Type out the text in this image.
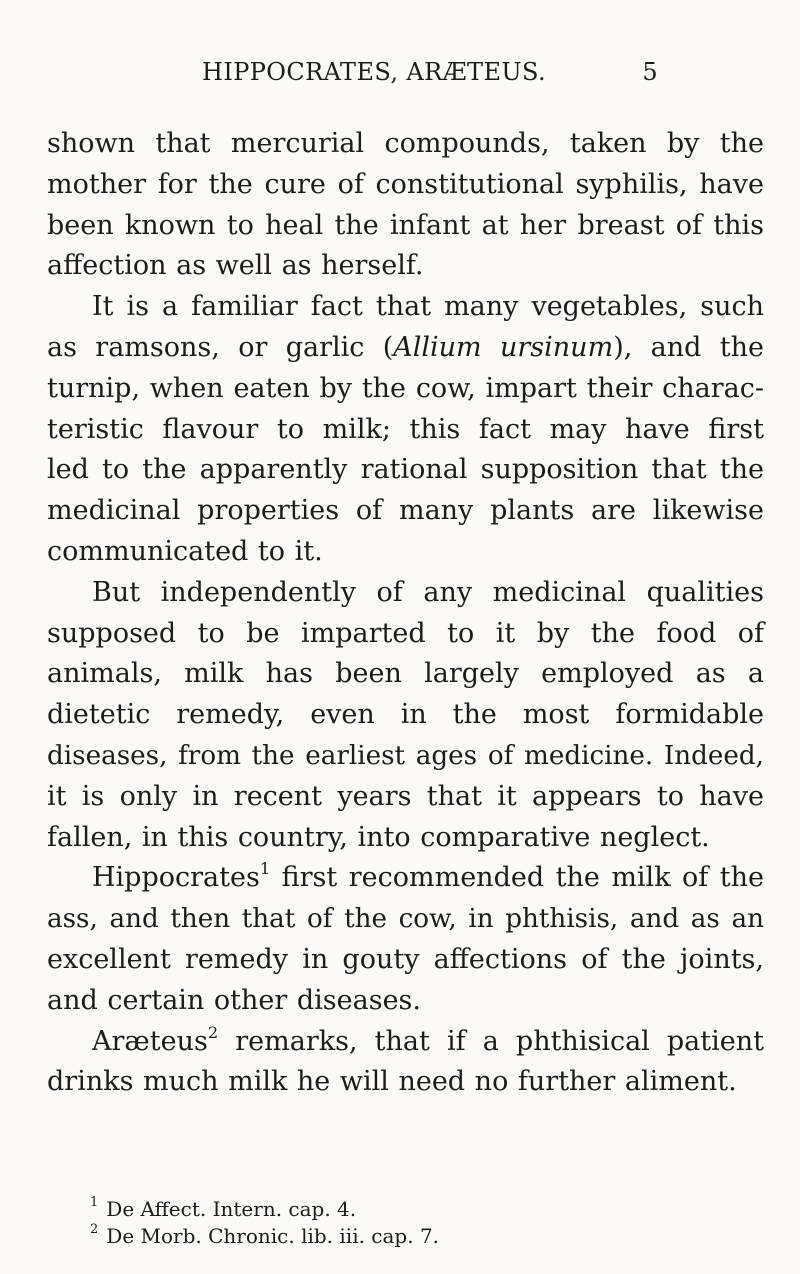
HIPPOCRATES, ARÆTEUS.	5
shown that mercurial compounds, taken by the
mother for the cure of constitutional syphilis, have
been known to heal the infant at her breast of this
affection as well as herself.
It is a familiar fact that many vegetables, such
as ramsons, or garlic (Allium ursinum), and the
turnip, when eaten by the cow, impart their charac-
teristic flavour to milk; this fact may have first
led to the apparently rational supposition that the
medicinal properties of many plants are likewise
communicated to it.
But independently of any medicinal qualities
supposed to be imparted to it by the food of
animals, milk has been largely employed as a
dietetic remedy, even in the most formidable
diseases, from the earliest ages of medicine. Indeed,
it is only in recent years that it appears to have
fallen, in this country, into comparative neglect.
Hippocrates$^1$ first recommended the milk of the
ass, and then that of the cow, in phthisis, and as an
excellent remedy in gouty affections of the joints,
and certain other diseases.
Aræteus$^2$ remarks, that if a phthisical patient
drinks much milk he will need no further aliment.
$^1$ De Affect. Intern. cap. 4.
$^2$ De Morb. Chronic. lib. iii. cap. 7.
